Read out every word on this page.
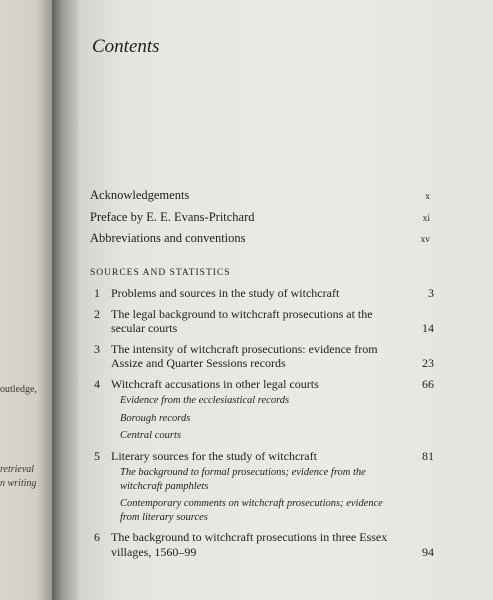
outledge,
retrieval
n writing

Contents
Acknowledgements	x
Preface by E. E. Evans-Pritchard	xi
Abbreviations and conventions	xv
SOURCES AND STATISTICS
1 Problems and sources in the study of witchcraft	3
2 The legal background to witchcraft prosecutions at the secular courts	14
3 The intensity of witchcraft prosecutions: evidence from Assize and Quarter Sessions records	23
4 Witchcraft accusations in other legal courts	66
Evidence from the ecclesiastical records
Borough records
Central courts
5 Literary sources for the study of witchcraft	81
The background to formal prosecutions; evidence from the witchcraft pamphlets
Contemporary comments on witchcraft prosecutions; evidence from literary sources
6 The background to witchcraft prosecutions in three Essex villages, 1560–99	94
